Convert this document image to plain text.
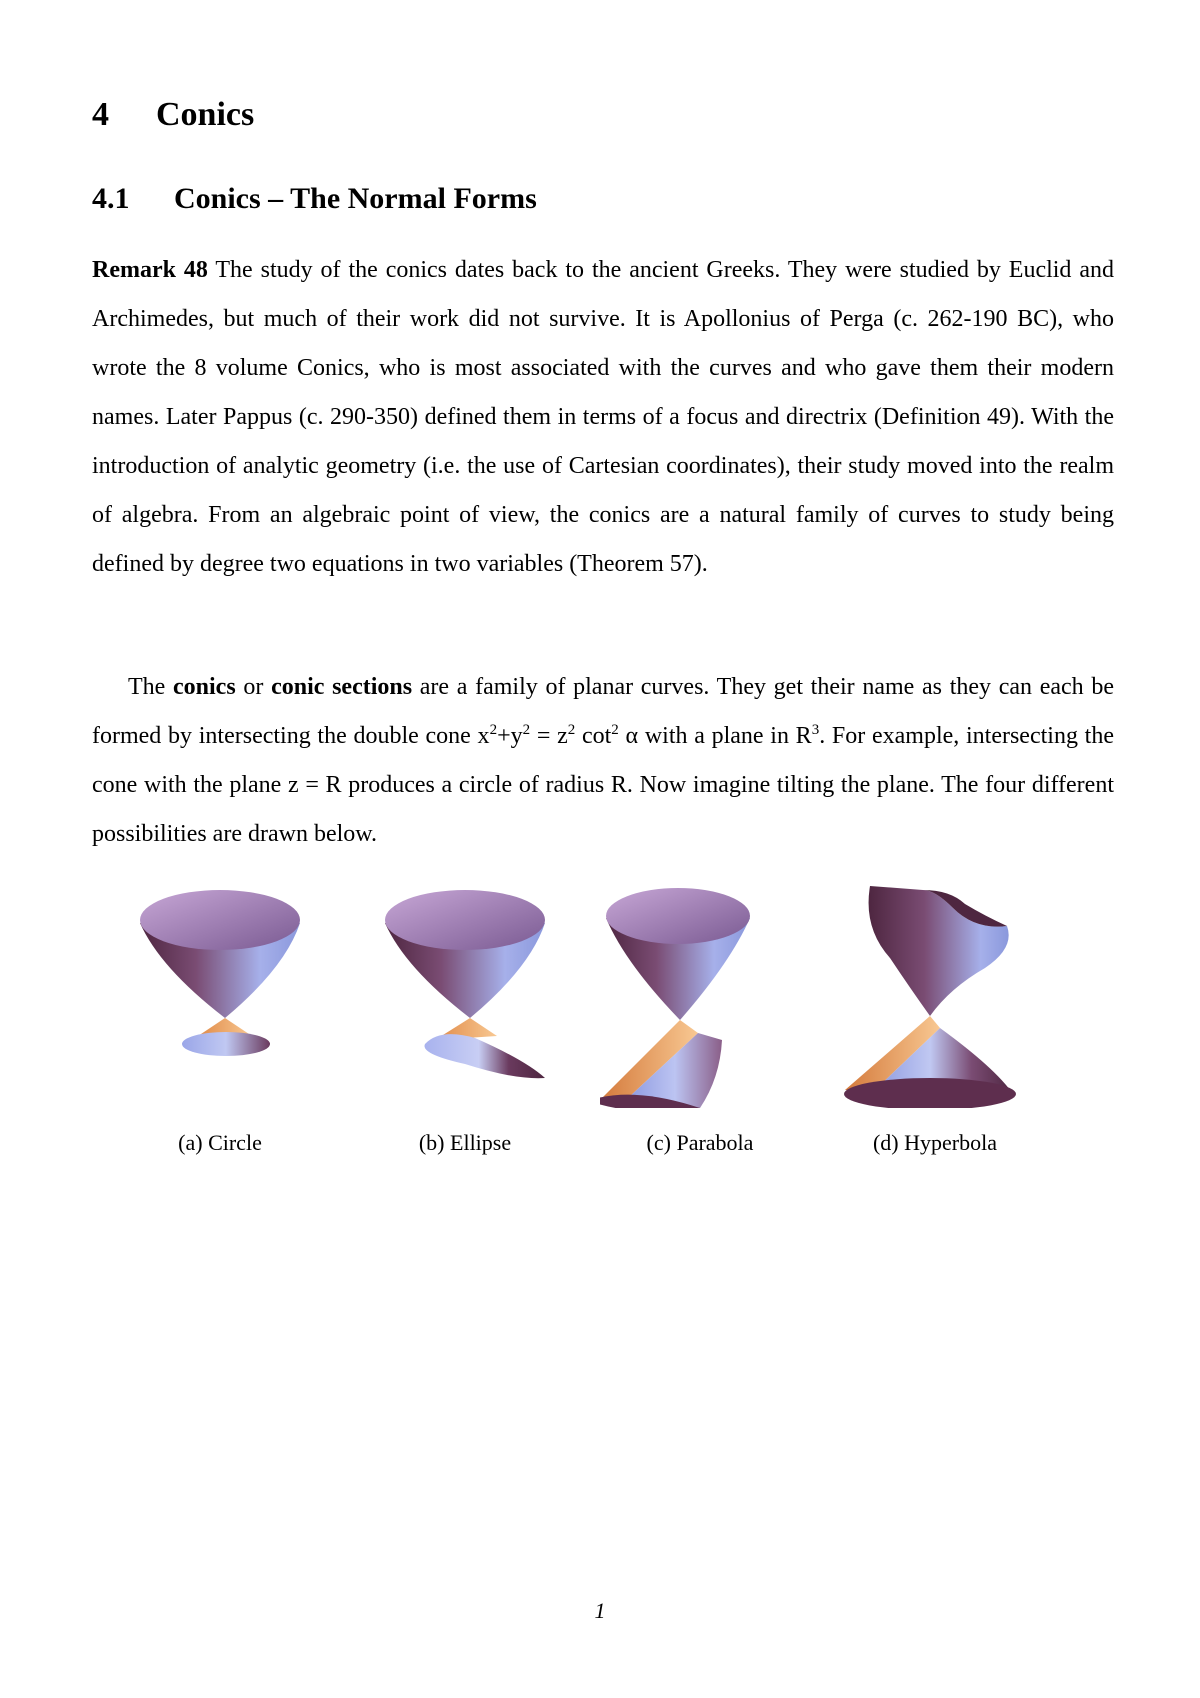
4 Conics
4.1 Conics – The Normal Forms

Remark 48 The study of the conics dates back to the ancient Greeks. They were studied by Euclid and Archimedes, but much of their work did not survive. It is Apollonius of Perga (c. 262-190 BC), who wrote the 8 volume Conics, who is most associated with the curves and who gave them their modern names. Later Pappus (c. 290-350) defined them in terms of a focus and directrix (Definition 49). With the introduction of analytic geometry (i.e. the use of Cartesian coordinates), their study moved into the realm of algebra. From an algebraic point of view, the conics are a natural family of curves to study being defined by degree two equations in two variables (Theorem 57).

The conics or conic sections are a family of planar curves. They get their name as they can each be formed by intersecting the double cone $x^2+y^2 = z^2$ $\cot^2 \alpha$ with a plane in $R^3$. For example, intersecting the cone with the plane z = R produces a circle of radius R. Now imagine tilting the plane. The four different possibilities are drawn below.

(a) Circle	(b) Ellipse	(c) Parabola	(d) Hyperbola
1
